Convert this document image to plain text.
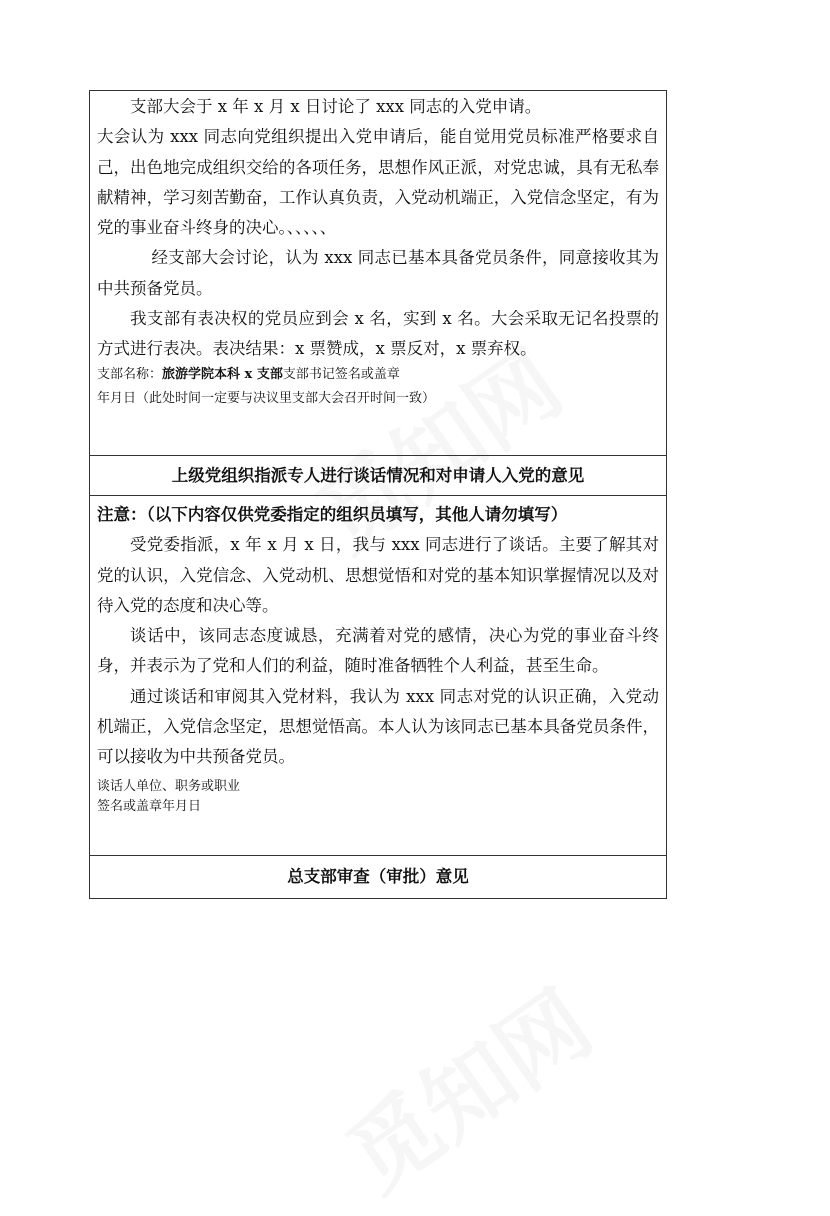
支部大会于 x 年 x 月 x 日讨论了 xxx 同志的入党申请。

大会认为 xxx 同志向党组织提出入党申请后，能自觉用党员标准严格要求自己，出色地完成组织交给的各项任务，思想作风正派，对党忠诚，具有无私奉献精神，学习刻苦勤奋，工作认真负责，入党动机端正，入党信念坚定，有为党的事业奋斗终身的决心。、、、、、

经支部大会讨论，认为 xxx 同志已基本具备党员条件，同意接收其为中共预备党员。

我支部有表决权的党员应到会 x 名，实到 x 名。大会采取无记名投票的方式进行表决。表决结果：x 票赞成，x 票反对，x 票弃权。

支部名称：旅游学院本科 x 支部支部书记签名或盖章

年月日（此处时间一定要与决议里支部大会召开时间一致）

上级党组织指派专人进行谈话情况和对申请人入党的意见

注意：（以下内容仅供党委指定的组织员填写，其他人请勿填写）

受党委指派，x 年 x 月 x 日，我与 xxx 同志进行了谈话。主要了解其对党的认识，入党信念、入党动机、思想觉悟和对党的基本知识掌握情况以及对待入党的态度和决心等。

谈话中，该同志态度诚恳，充满着对党的感情，决心为党的事业奋斗终身，并表示为了党和人们的利益，随时准备牺牲个人利益，甚至生命。

通过谈话和审阅其入党材料，我认为 xxx 同志对党的认识正确，入党动机端正，入党信念坚定，思想觉悟高。本人认为该同志已基本具备党员条件，可以接收为中共预备党员。

谈话人单位、职务或职业

签名或盖章年月日

总支部审查（审批）意见
